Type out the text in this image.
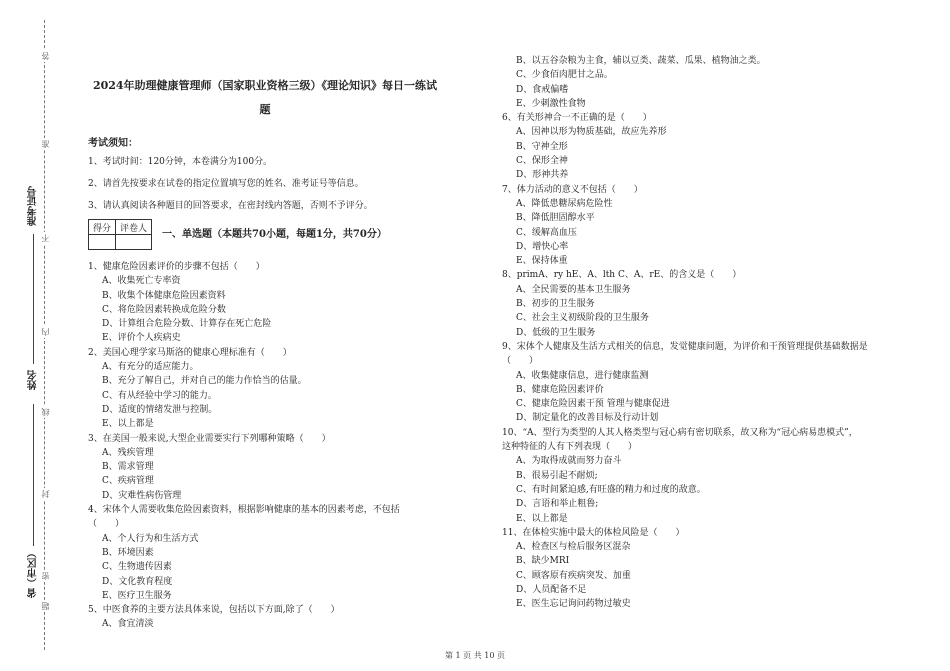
答
准
不
内
线
封
密
题
准考证号
姓名
省（市区）
2024年助理健康管理师（国家职业资格三级）《理论知识》每日一练试
题
考试须知：
1、考试时间：120分钟，本卷满分为100分。
2、请首先按要求在试卷的指定位置填写您的姓名、准考证号等信息。
3、请认真阅读各种题目的回答要求，在密封线内答题，否则不予评分。
得分	评卷人

一、单选题（本题共70小题，每题1分，共70分）
1、健康危险因素评价的步骤不包括（　　）
A、收集死亡专率资
B、收集个体健康危险因素资料
C、将危险因素转换成危险分数
D、计算组合危险分数、计算存在死亡危险
E、评价个人疾病史
2、美国心理学家马斯洛的健康心理标准有（　　）
A、有充分的适应能力。
B、充分了解自己，并对自己的能力作恰当的估量。
C、有从经验中学习的能力。
D、适度的情绪发泄与控制。
E、以上都是
3、在美国一般来说,大型企业需要实行下列哪种策略（　　）
A、残疾管理
B、需求管理
C、疾病管理
D、灾难性病伤管理
4、宋体个人需要收集危险因素资料，根据影响健康的基本的因素考虑，不包括（　　）
A、个人行为和生活方式
B、环境因素
C、生物遗传因素
D、文化教育程度
E、医疗卫生服务
5、中医食养的主要方法具体来说，包括以下方面,除了（　　）
A、食宜清淡
B、以五谷杂粮为主食，辅以豆类、蔬菜、瓜果、植物油之类。
C、少食佰肉肥甘之品。
D、食戒偏嗜
E、少刺激性食物
6、有关形神合一不正确的是（　　）
A、因神以形为物质基础，故应先养形
B、守神全形
C、保形全神
D、形神共养
7、体力活动的意义不包括（　　）
A、降低患糖尿病危险性
B、降低胆固醇水平
C、缓解高血压
D、增快心率
E、保持体重
8、primA、ry hE、A、lth C、A、rE、的含义是（　　）
A、全民需要的基本卫生服务
B、初步的卫生服务
C、社会主义初级阶段的卫生服务
D、低级的卫生服务
9、宋体个人健康及生活方式相关的信息，发觉健康问题，为评价和干预管理提供基础数据是
（　　）
A、收集健康信息，进行健康监测
B、健康危险因素评价
C、健康危险因素干预 管理与健康促进
D、制定量化的改善目标及行动计划
10、“A、型行为类型的人其人格类型与冠心病有密切联系，故又称为“冠心病易患模式”，
这种特征的人有下列表现（　　）
A、为取得成就而努力奋斗
B、很易引起不耐烦;
C、有时间紧迫感,有旺盛的精力和过度的敌意。
D、言语和举止粗鲁;
E、以上都是
11、在体检实施中最大的体检风险是（　　）
A、检查区与检后服务区混杂
B、缺少MRI
C、顾客原有疾病突发、加重
D、人员配备不足
E、医生忘记询问药物过敏史
第 1 页 共 10 页
